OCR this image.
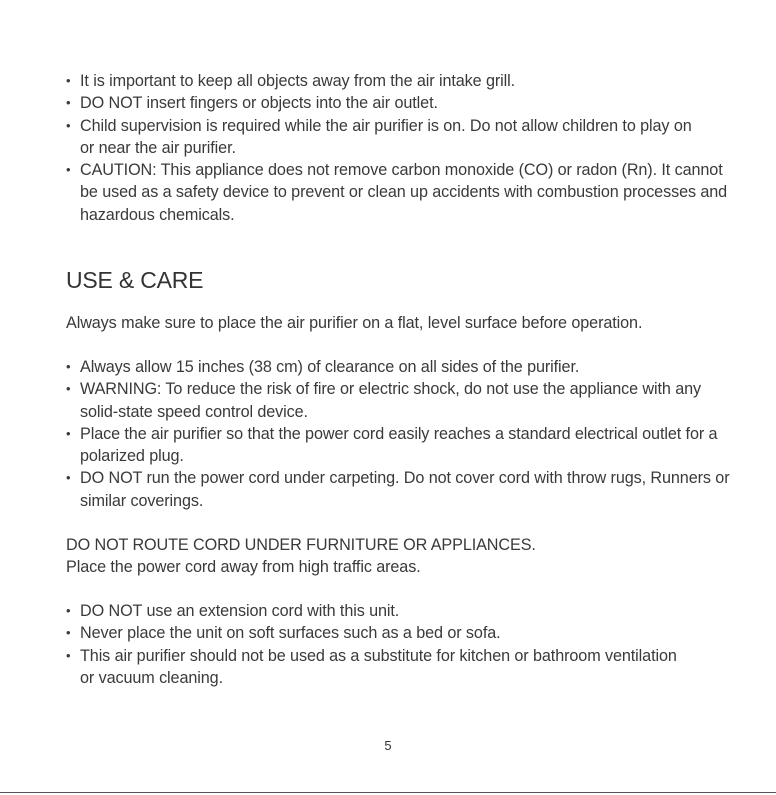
• It is important to keep all objects away from the air intake grill.
• DO NOT insert fingers or objects into the air outlet.
• Child supervision is required while the air purifier is on. Do not allow children to play on or near the air purifier.
• CAUTION: This appliance does not remove carbon monoxide (CO) or radon (Rn). It cannot be used as a safety device to prevent or clean up accidents with combustion processes and hazardous chemicals.
USE & CARE

Always make sure to place the air purifier on a flat, level surface before operation.

• Always allow 15 inches (38 cm) of clearance on all sides of the purifier.
• WARNING: To reduce the risk of fire or electric shock, do not use the appliance with any solid-state speed control device.
• Place the air purifier so that the power cord easily reaches a standard electrical outlet for a polarized plug.
• DO NOT run the power cord under carpeting. Do not cover cord with throw rugs, Runners or similar coverings.
DO NOT ROUTE CORD UNDER FURNITURE OR APPLIANCES.
Place the power cord away from high traffic areas.
• DO NOT use an extension cord with this unit.
• Never place the unit on soft surfaces such as a bed or sofa.
• This air purifier should not be used as a substitute for kitchen or bathroom ventilation or vacuum cleaning.
5
